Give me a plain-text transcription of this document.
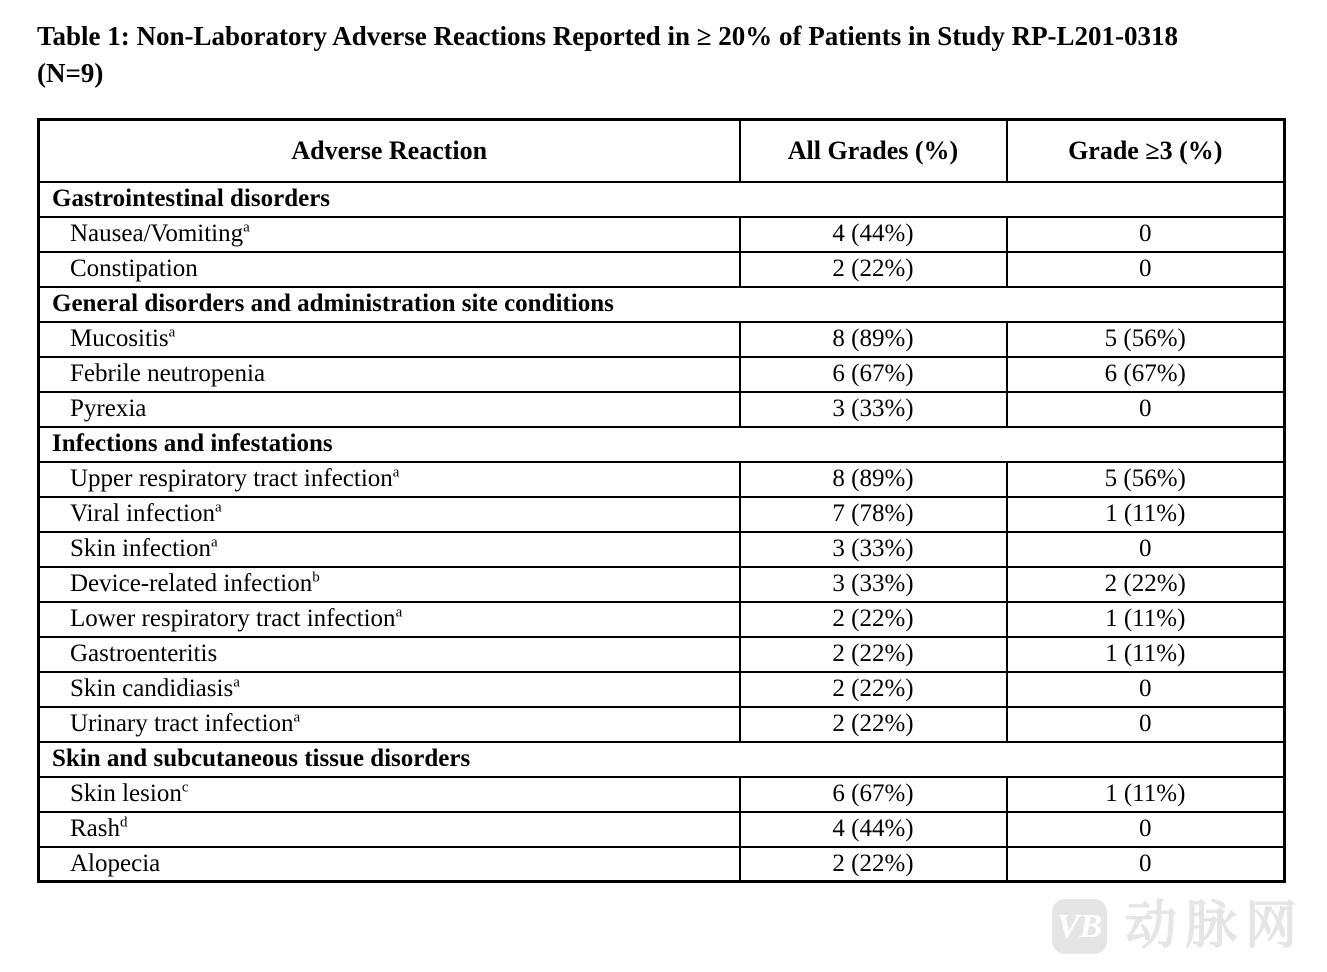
Table 1: Non-Laboratory Adverse Reactions Reported in ≥ 20% of Patients in Study RP-L201-0318
(N=9)
Adverse Reaction	All Grades (%)	Grade ≥3 (%)
Gastrointestinal disorders		
Nausea/Vomiting$^a$	4 (44%)	0
Constipation	2 (22%)	0
General disorders and administration site conditions		
Mucositis$^a$	8 (89%)	5 (56%)
Febrile neutropenia	6 (67%)	6 (67%)
Pyrexia	3 (33%)	0
Infections and infestations		
Upper respiratory tract infection$^a$	8 (89%)	5 (56%)
Viral infection$^a$	7 (78%)	1 (11%)
Skin infection$^a$	3 (33%)	0
Device-related infection$^b$	3 (33%)	2 (22%)
Lower respiratory tract infection$^a$	2 (22%)	1 (11%)
Gastroenteritis	2 (22%)	1 (11%)
Skin candidiasis$^a$	2 (22%)	0
Urinary tract infection$^a$	2 (22%)	0
Skin and subcutaneous tissue disorders		
Skin lesion$^c$	6 (67%)	1 (11%)
Rash$^d$	4 (44%)	0
Alopecia	2 (22%)	0
VB 动脉网
